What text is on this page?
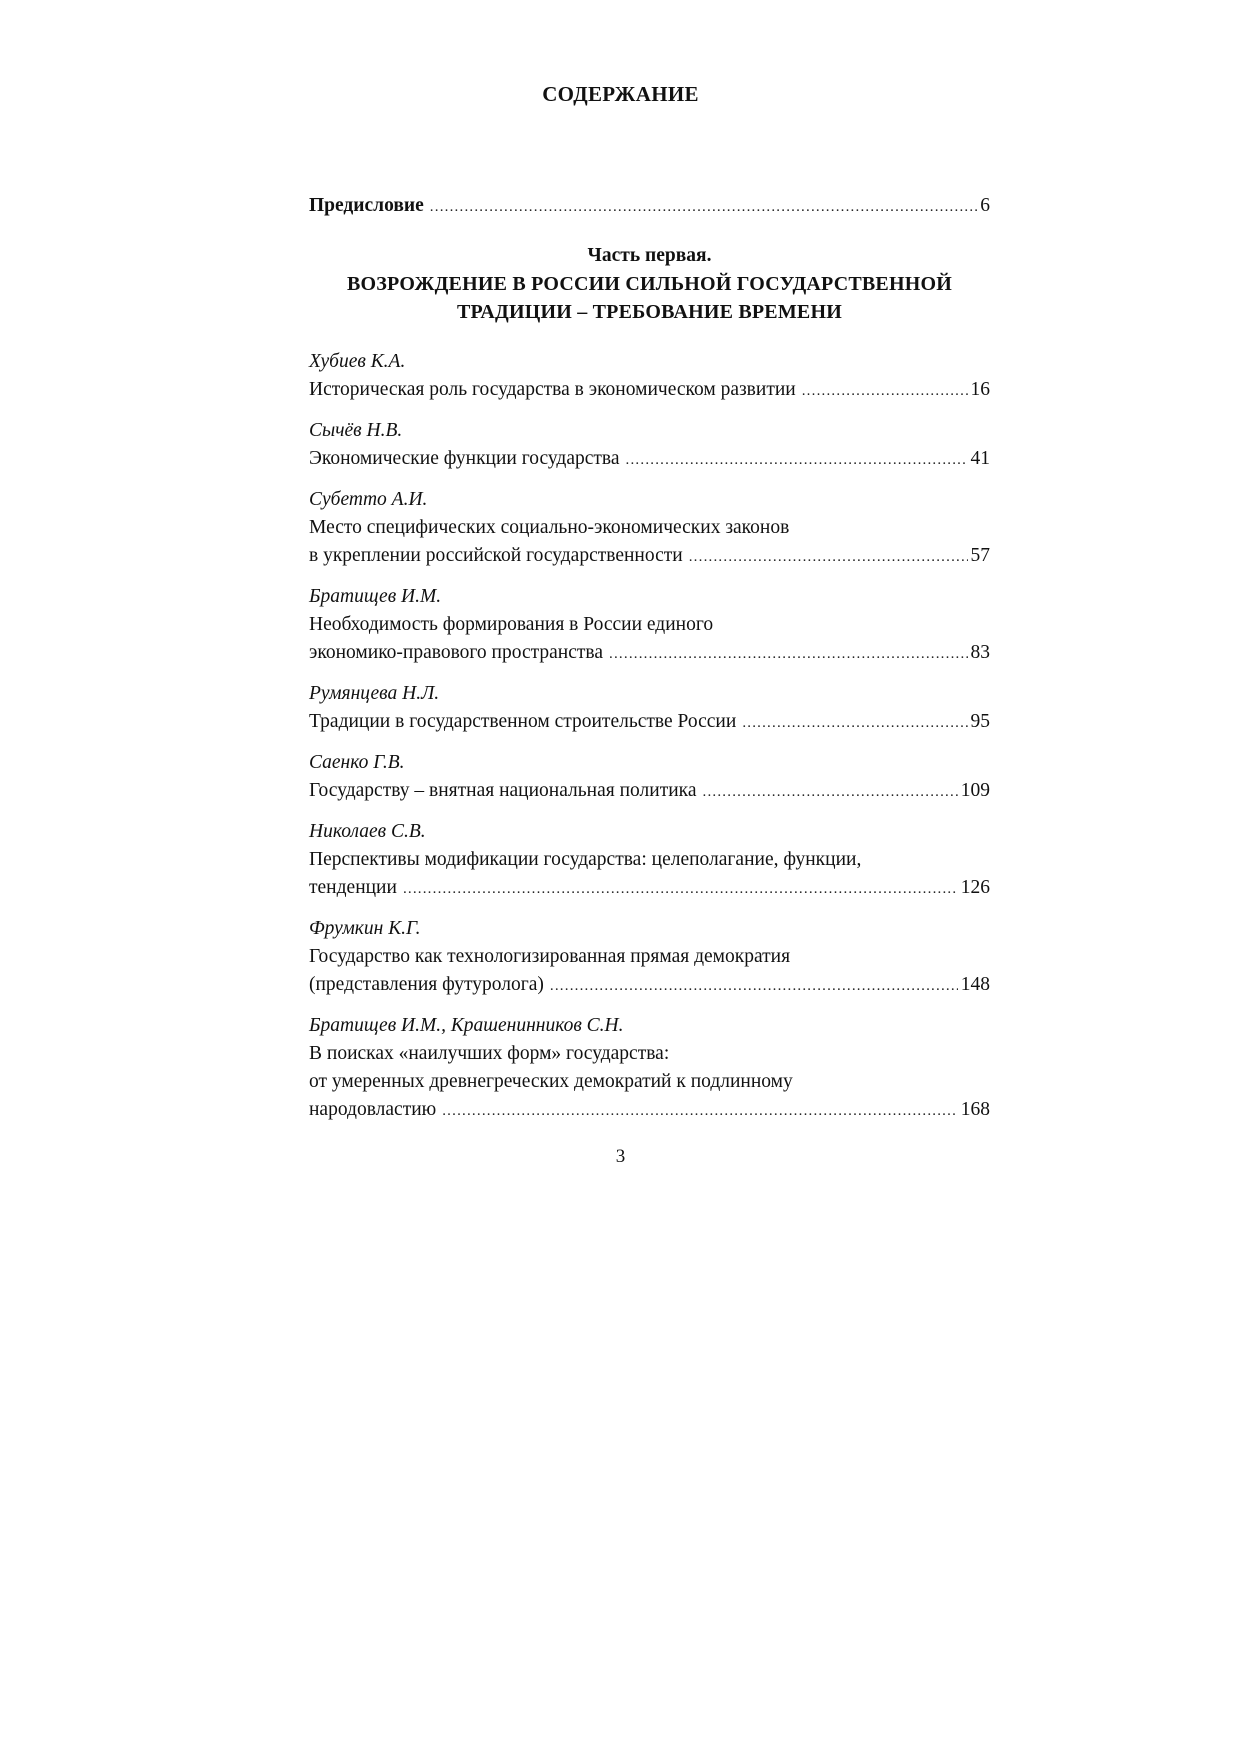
СОДЕРЖАНИЕ
Предисловие .....	6
Часть первая.
ВОЗРОЖДЕНИЕ В РОССИИ СИЛЬНОЙ ГОСУДАРСТВЕННОЙ
ТРАДИЦИИ – ТРЕБОВАНИЕ ВРЕМЕНИ
Хубиев К.А.
Историческая роль государства в экономическом развитии .....	16
Сычёв Н.В.
Экономические функции государства .....	41
Субетто А.И.
Место специфических социально-экономических законов
в укреплении российской государственности .....	57
Братищев И.М.
Необходимость формирования в России единого
экономико-правового пространства .....	83
Румянцева Н.Л.
Традиции в государственном строительстве России .....	95
Саенко Г.В.
Государству – внятная национальная политика .....	109
Николаев С.В.
Перспективы модификации государства: целеполагание, функции,
тенденции .....	126
Фрумкин К.Г.
Государство как технологизированная прямая демократия
(представления футуролога) .....	148
Братищев И.М., Крашенинников С.Н.
В поисках «наилучших форм» государства:
от умеренных древнегреческих демократий к подлинному
народовластию .....	168
3
